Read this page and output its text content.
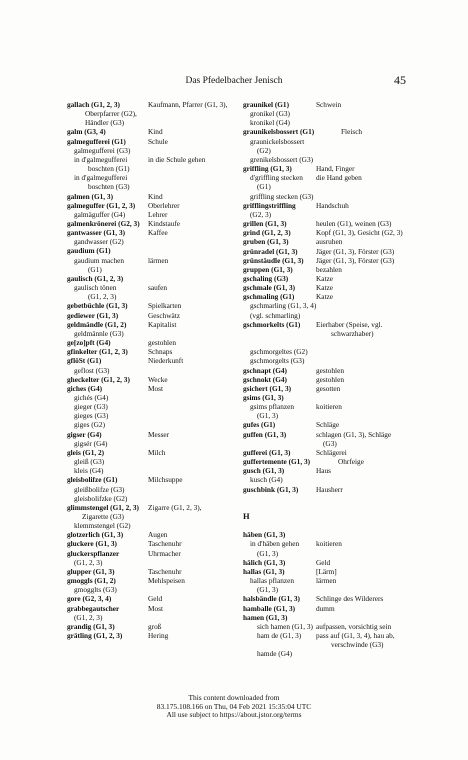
Das Pfedelbacher Jenisch	45
gallach (G1, 2, 3)	Kaufmann, Pfarrer (G1, 3),
Oberpfarrer (G2),
Händler (G3)
galm (G3, 4)	Kind
galmegufferei (G1)	Schule
galmegufferei (G3)
in d'galmegufferei	in die Schule gehen
boschten (G1)
in d'galmegufferei
boschten (G3)
galmen (G1, 3)	Kind
galmeguffer (G1, 2, 3)	Oberlehrer
galmäguffer (G4)	Lehrer
galmenkrönerei (G2, 3)	Kindstaufe
gantwasser (G1, 3)	Kaffee
gandwasser (G2)
gaudium (G1)
gaudium machen	lärmen
(G1)
gaulisch (G1, 2, 3)
gaulisch tönen	saufen
(G1, 2, 3)
gebetbüchle (G1, 3)	Spielkarten
gediewer (G1, 3)	Geschwätz
geldmändle (G1, 2)	Kapitalist
geldmännle (G3)
ge[zo]pft (G4)	gestohlen
gfinkelter (G1, 2, 3)	Schnaps
gflöSt (G1)	Niederkunft
geflost (G3)
gheckelter (G1, 2, 3)	Wecke
giches (G4)	Most
gichés (G4)
gieger (G3)
gieges (G3)
giges (G2)
gigser (G4)	Messer
gigsér (G4)
gleis (G1, 2)	Milch
gleiß (G3)
kleis (G4)
gleisbolifze (G1)	Milchsuppe
gleißbolifze (G3)
gleisbolifzke (G2)
glimmstengel (G1, 2, 3)	Zigarre (G1, 2, 3),
Zigarette (G3)
klemmstengel (G2)
glotzerlich (G1, 3)	Augen
gluckere (G1, 3)	Taschenuhr
gluckerspflanzer	Uhrmacher
(G1, 2, 3)
glupper (G1, 3)	Taschenuhr
gmoggls (G1, 2)	Mehlspeisen
gmogglts (G3)
gore (G2, 3, 4)	Geld
grabbegautscher	Most
(G1, 2, 3)
grandig (G1, 3)	groß
grätling (G1, 2, 3)	Hering
graunikel (G1)	Schwein
gronikel (G3)
kronikel (G4)
graunikelsbossert (G1)	Fleisch
graunickelsbossert
(G2)
grenikelsbossert (G3)
griffling (G1, 3)	Hand, Finger
d'griffling stecken	die Hand geben
(G1)
griffling stecken (G3)
grifflingstriffling	Handschuh
(G2, 3)
grillen (G1, 3)	heulen (G1), weinen (G3)
grind (G1, 2, 3)	Kopf (G1, 3), Gesicht (G2, 3)
gruben (G1, 3)	ausruhen
grünradel (G1, 3)	Jäger (G1, 3), Förster (G3)
grünstäudle (G1, 3)	Jäger (G1, 3), Förster (G3)
gruppen (G1, 3)	bezahlen
gschaling (G3)	Katze
gschmale (G1, 3)	Katze
gschmaling (G1)	Katze
gschmarling (G1, 3, 4)
(vgl. schmarling)
gschmorkelts (G1)	Eierhaber (Speise, vgl.
schwarzhaber)
gschmorgeltes (G2)
gschmorgelts (G3)
gschnapt (G4)	gestohlen
gschnokt (G4)	gestohlen
gsichert (G1, 3)	gesotten
gsims (G1, 3)
gsims pflanzen	koitieren
(G1, 3)
gufes (G1)	Schläge
guffen (G1, 3)	schlagen (G1, 3), Schläge
(G3)
gufferei (G1, 3)	Schlägerei
guffertemente (G1, 3)	Ohrfeige
gusch (G1, 3)	Haus
kusch (G4)
guschbink (G1, 3)	Hausherr
H
häben (G1, 3)
in d'häben gehen	koitieren
(G1, 3)
hälich (G1, 3)	Geld
hallas (G1, 3)	[Lärm]
hallas pflanzen	lärmen
(G1, 3)
halsbändle (G1, 3)	Schlinge des Wilderers
hamballe (G1, 3)	dumm
hamen (G1, 3)
sich hamen (G1, 3) aufpassen, vorsichtig sein
ham de (G1, 3)	pass auf (G1, 3, 4), hau ab,
verschwinde (G3)
hamde (G4)
This content downloaded from
83.175.108.166 on Thu, 04 Feb 2021 15:35:04 UTC
All use subject to https://about.jstor.org/terms
